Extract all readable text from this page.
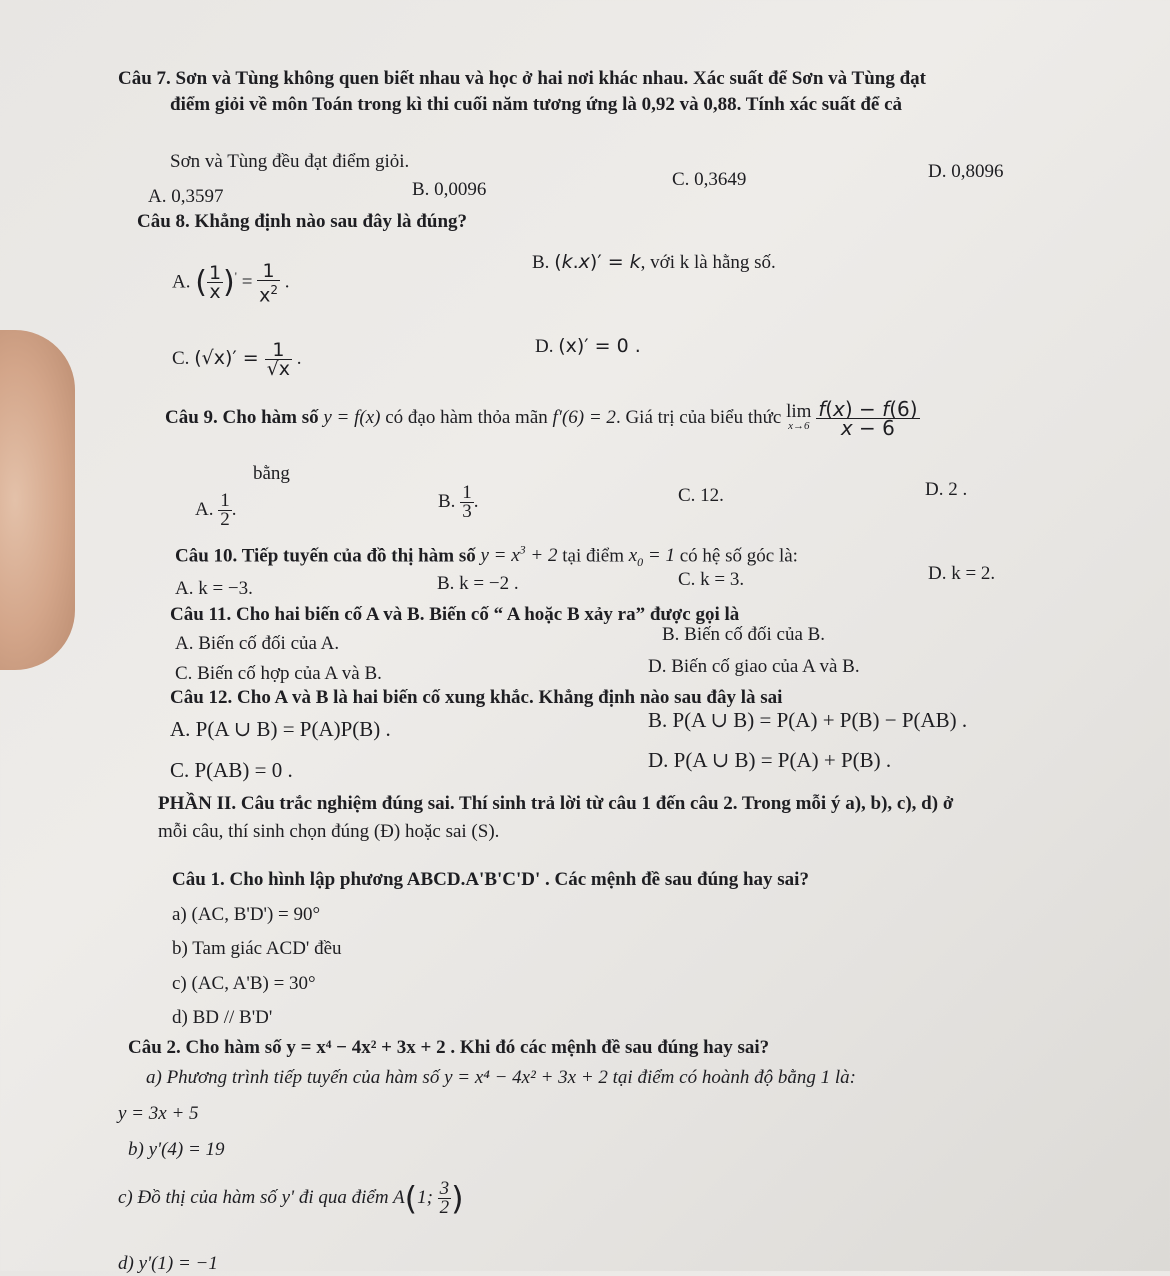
Câu 7. Sơn và Tùng không quen biết nhau và học ở hai nơi khác nhau. Xác suất để Sơn và Tùng đạt
điểm giỏi về môn Toán trong kì thi cuối năm tương ứng là 0,92 và 0,88. Tính xác suất để cả
Sơn và Tùng đều đạt điểm giỏi.
A. 0,3597	B. 0,0096	C. 0,3649	D. 0,8096
Câu 8. Khẳng định nào sau đây là đúng?
A. ( $\frac{1}{x} )' = \frac{1}{x^2}$ .
B. (k.x)′ = k, với k là hằng số.
C. $(√x)' = \frac{1}{√x}$ .
D. (x)′ = 0 .
Câu 9. Cho hàm số y = f(x) có đạo hàm thỏa mãn f′(6) = 2. Giá trị của biểu thức lim
x→6
$\frac{f(x) - f(6)}{x - 6}$
bằng
A. $\frac{1}{2}$ .	B. $\frac{1}{3}$ .	C. 12.	D. 2 .
Câu 10. Tiếp tuyến của đồ thị hàm số $y = x^3 + 2$ tại điểm $x_0 = 1$ có hệ số góc là:
A. k = −3.	B. k = −2 .	C. k = 3.	D. k = 2.
Câu 11. Cho hai biến cố A và B. Biến cố “ A hoặc B xảy ra” được gọi là
A. Biến cố đối của A.	B. Biến cố đối của B.
C. Biến cố hợp của A và B.	D. Biến cố giao của A và B.
Câu 12. Cho A và B là hai biến cố xung khắc. Khẳng định nào sau đây là sai
A. P(A ∪ B) = P(A)P(B) .	B. P(A ∪ B) = P(A) + P(B) − P(AB) .
C. P(AB) = 0 .	D. P(A ∪ B) = P(A) + P(B) .
PHẦN II. Câu trắc nghiệm đúng sai. Thí sinh trả lời từ câu 1 đến câu 2. Trong mỗi ý a), b), c), d) ở
mỗi câu, thí sinh chọn đúng (Đ) hoặc sai (S).
Câu 1. Cho hình lập phương ABCD.A'B'C'D' . Các mệnh đề sau đúng hay sai?
a) (AC, B'D') = 90°
b) Tam giác ACD' đều
c) (AC, A'B) = 30°
d) BD // B'D'
Câu 2. Cho hàm số y = x⁴ − 4x² + 3x + 2 . Khi đó các mệnh đề sau đúng hay sai?
a) Phương trình tiếp tuyến của hàm số y = x⁴ − 4x² + 3x + 2 tại điểm có hoành độ bằng 1 là:
y = 3x + 5
b) y'(4) = 19
c) Đồ thị của hàm số y' đi qua điểm A(1; $\frac{3}{2}$ )
d) y'(1) = −1
